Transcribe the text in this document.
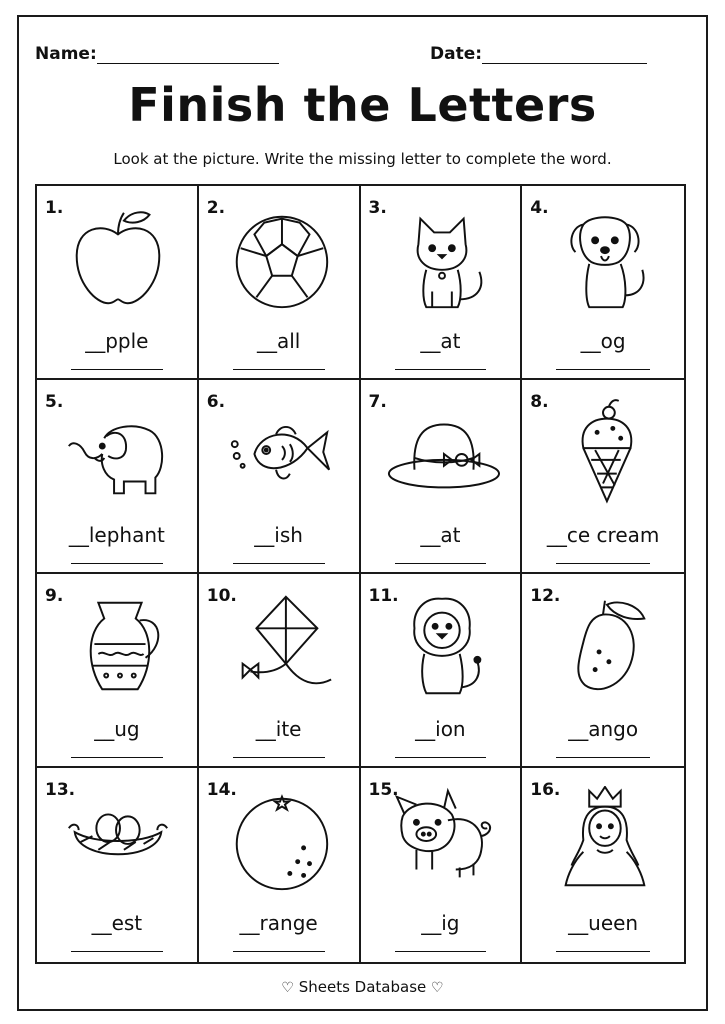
Name:	Date:
Finish the Letters
Look at the picture. Write the missing letter to complete the word.
1.
__pple
2.
__all
3.
__at
4.
__og
5.
__lephant
6.
__ish
7.
__at
8.
__ce cream
9.
__ug
10.
__ite
11.
__ion
12.
__ango
13.
__est
14.
__range
15.
__ig
16.
__ueen
♡ Sheets Database ♡
